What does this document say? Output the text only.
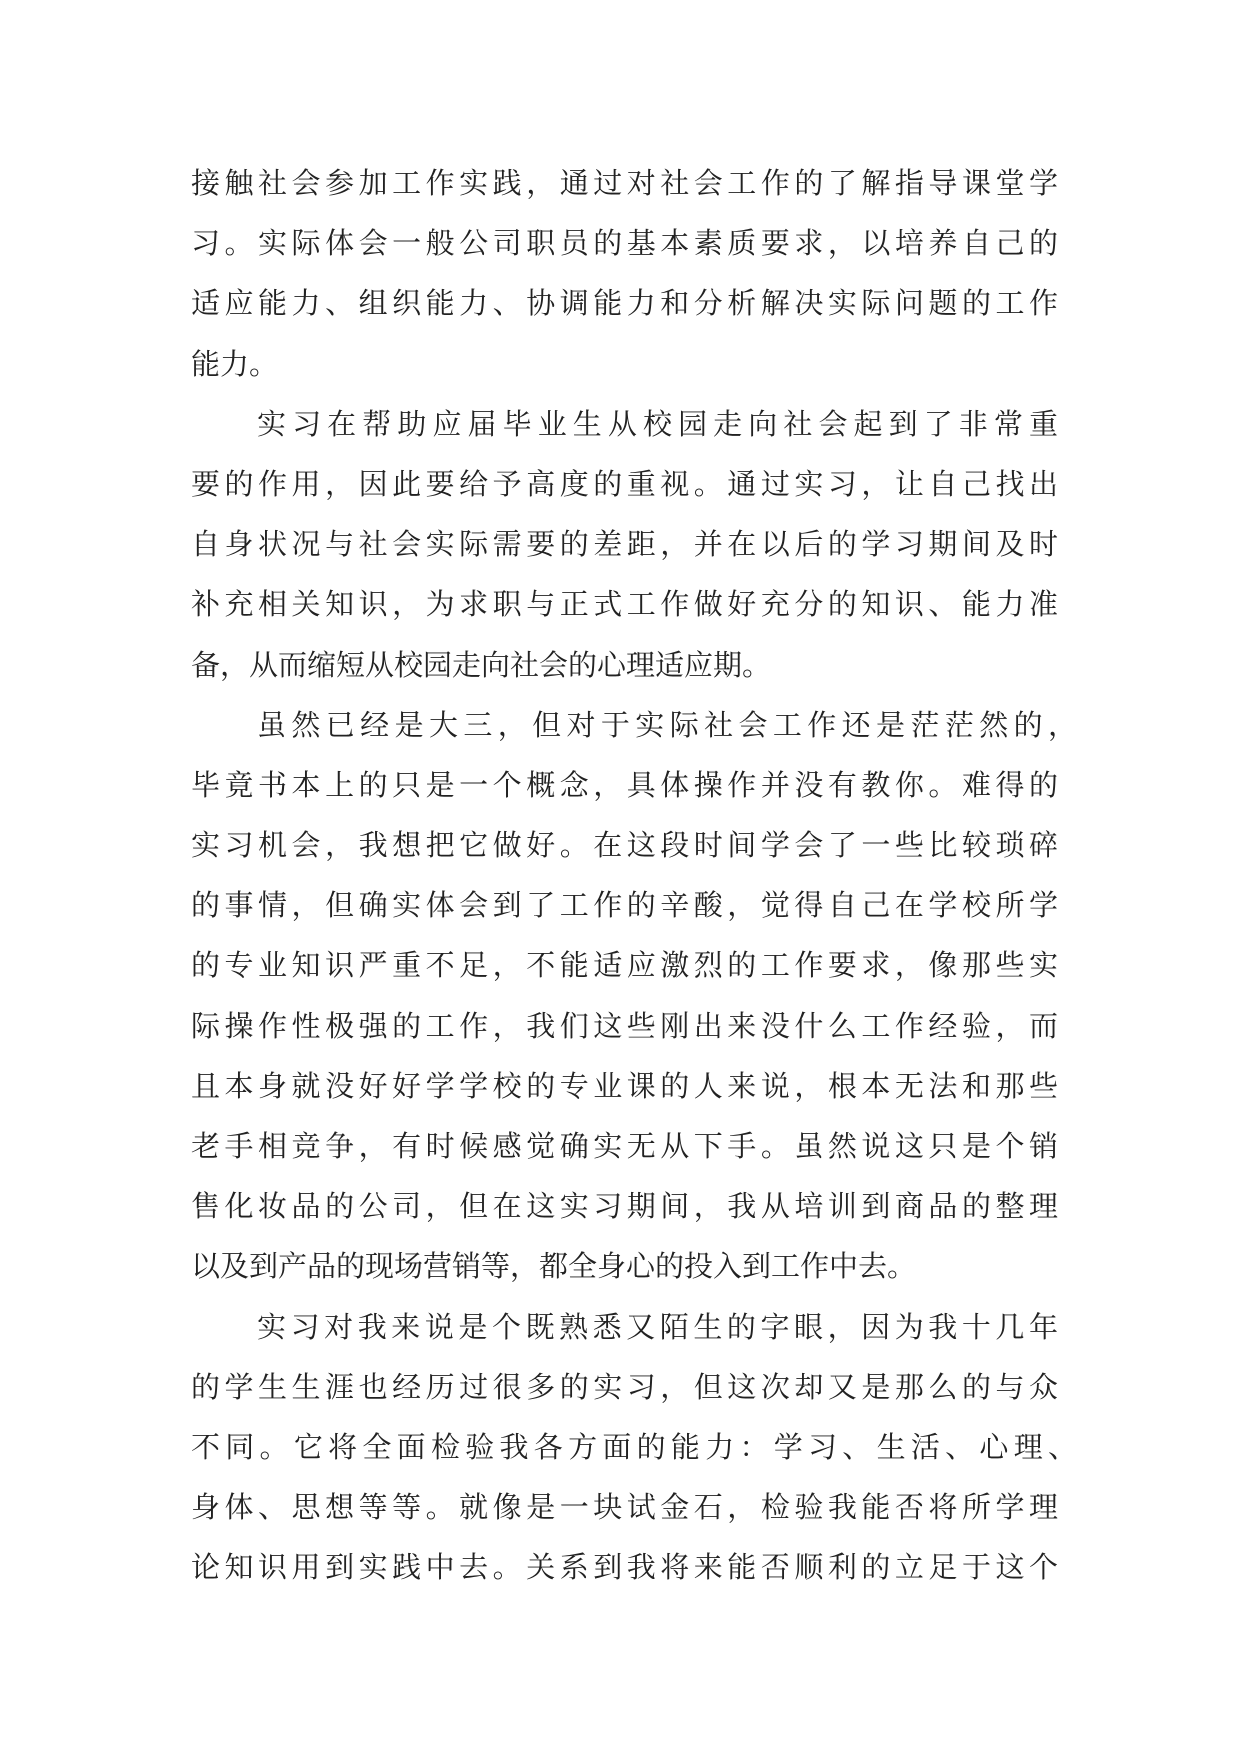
接触社会参加工作实践，通过对社会工作的了解指导课堂学
习。实际体会一般公司职员的基本素质要求，以培养自己的
适应能力、组织能力、协调能力和分析解决实际问题的工作
能力。
实习在帮助应届毕业生从校园走向社会起到了非常重
要的作用，因此要给予高度的重视。通过实习，让自己找出
自身状况与社会实际需要的差距，并在以后的学习期间及时
补充相关知识，为求职与正式工作做好充分的知识、能力准
备，从而缩短从校园走向社会的心理适应期。
虽然已经是大三，但对于实际社会工作还是茫茫然的，
毕竟书本上的只是一个概念，具体操作并没有教你。难得的
实习机会，我想把它做好。在这段时间学会了一些比较琐碎
的事情，但确实体会到了工作的辛酸，觉得自己在学校所学
的专业知识严重不足，不能适应激烈的工作要求，像那些实
际操作性极强的工作，我们这些刚出来没什么工作经验，而
且本身就没好好学学校的专业课的人来说，根本无法和那些
老手相竞争，有时候感觉确实无从下手。虽然说这只是个销
售化妆品的公司，但在这实习期间，我从培训到商品的整理
以及到产品的现场营销等，都全身心的投入到工作中去。
实习对我来说是个既熟悉又陌生的字眼，因为我十几年
的学生生涯也经历过很多的实习，但这次却又是那么的与众
不同。它将全面检验我各方面的能力：学习、生活、心理、
身体、思想等等。就像是一块试金石，检验我能否将所学理
论知识用到实践中去。关系到我将来能否顺利的立足于这个
